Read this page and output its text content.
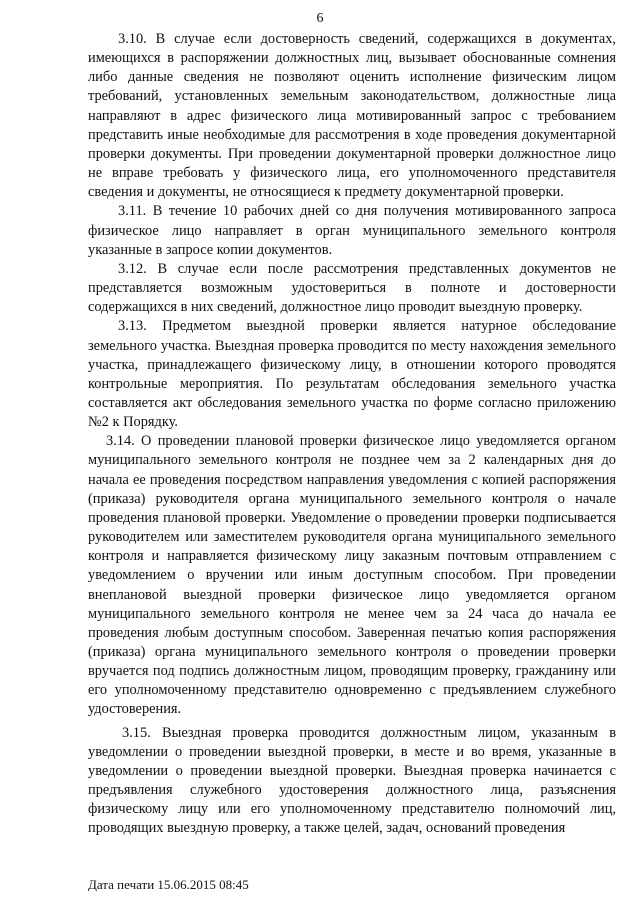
6

3.10. В случае если достоверность сведений, содержащихся в документах, имеющихся в распоряжении должностных лиц, вызывает обоснованные сомнения либо данные сведения не позволяют оценить исполнение физическим лицом требований, установленных земельным законодательством, должностные лица направляют в адрес физического лица мотивированный запрос с требованием представить иные необходимые для рассмотрения в ходе проведения документарной проверки документы. При проведении документарной проверки должностное лицо не вправе требовать у физического лица, его уполномоченного представителя сведения и документы, не относящиеся к предмету документарной проверки.

3.11. В течение 10 рабочих дней со дня получения мотивированного запроса физическое лицо направляет в орган муниципального земельного контроля указанные в запросе копии документов.

3.12. В случае если после рассмотрения представленных документов не представляется возможным удостовериться в полноте и достоверности содержащихся в них сведений, должностное лицо проводит выездную проверку.

3.13. Предметом выездной проверки является натурное обследование земельного участка. Выездная проверка проводится по месту нахождения земельного участка, принадлежащего физическому лицу, в отношении которого проводятся контрольные мероприятия. По результатам обследования земельного участка составляется акт обследования земельного участка по форме согласно приложению №2 к Порядку.

3.14. О проведении плановой проверки физическое лицо уведомляется органом муниципального земельного контроля не позднее чем за 2 календарных дня до начала ее проведения посредством направления уведомления с копией распоряжения (приказа) руководителя органа муниципального земельного контроля о начале проведения плановой проверки. Уведомление о проведении проверки подписывается руководителем или заместителем руководителя органа муниципального земельного контроля и направляется физическому лицу заказным почтовым отправлением с уведомлением о вручении или иным доступным способом. При проведении внеплановой выездной проверки физическое лицо уведомляется органом муниципального земельного контроля не менее чем за 24 часа до начала ее проведения любым доступным способом. Заверенная печатью копия распоряжения (приказа) органа муниципального земельного контроля о проведении проверки вручается под подпись должностным лицом, проводящим проверку, гражданину или его уполномоченному представителю одновременно с предъявлением служебного удостоверения.

3.15. Выездная проверка проводится должностным лицом, указанным в уведомлении о проведении выездной проверки, в месте и во время, указанные в уведомлении о проведении выездной проверки. Выездная проверка начинается с предъявления служебного удостоверения должностного лица, разъяснения физическому лицу или его уполномоченному представителю полномочий лиц, проводящих выездную проверку, а также целей, задач, оснований проведения

Дата печати 15.06.2015 08:45
